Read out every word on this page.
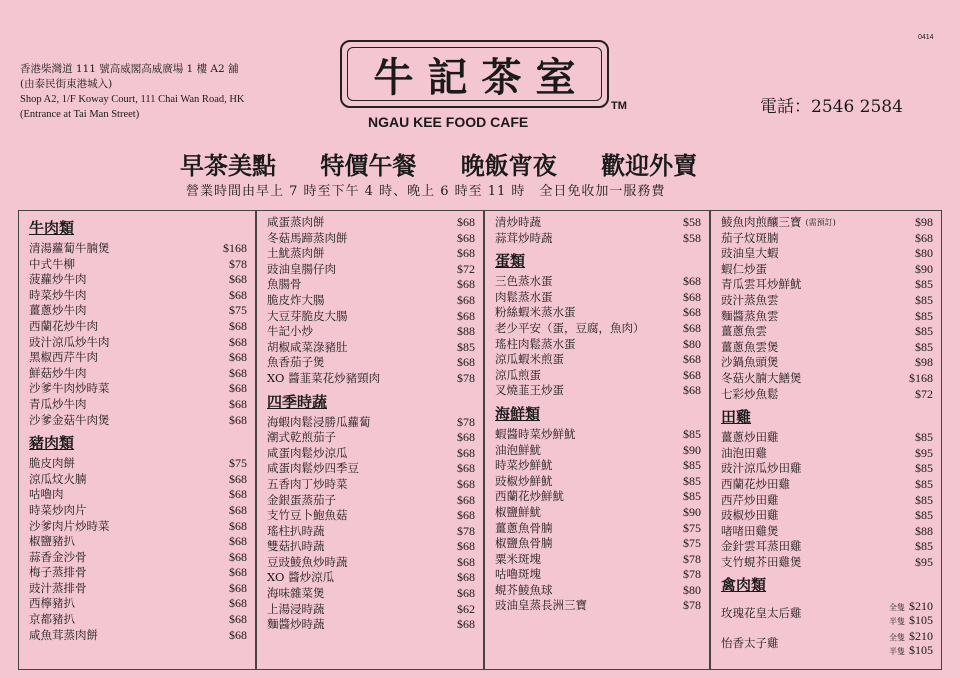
0414
香港柴灣道 111 號高威閣高威廣場 1 樓 A2 舖
(由泰民街東港城入)
Shop A2, 1/F Koway Court, 111 Chai Wan Road, HK
(Entrance at Tai Man Street)
牛記茶室
TM
NGAU KEE FOOD CAFE
電話：2546 2584
早茶美點 特價午餐 晚飯宵夜 歡迎外賣
營業時間由早上 7 時至下午 4 時、晚上 6 時至 11 時　全日免收加一服務費
牛肉類
清湯蘿蔔牛腩煲	$168
中式牛柳	$78
菠蘿炒牛肉	$68
時菜炒牛肉	$68
薑蔥炒牛肉	$75
西蘭花炒牛肉	$68
豉汁涼瓜炒牛肉	$68
黑椒西芹牛肉	$68
鮮菇炒牛肉	$68
沙爹牛肉炒時菜	$68
青瓜炒牛肉	$68
沙爹金菇牛肉煲	$68
豬肉類
脆皮肉餅	$75
涼瓜炆火腩	$68
咕嚕肉	$68
時菜炒肉片	$68
沙爹肉片炒時菜	$68
椒鹽豬扒	$68
蒜香金沙骨	$68
梅子蒸排骨	$68
豉汁蒸排骨	$68
西檸豬扒	$68
京都豬扒	$68
咸魚茸蒸肉餅	$68
咸蛋蒸肉餅	$68
冬菇馬蹄蒸肉餅	$68
土魷蒸肉餅	$68
豉油皇腸仔肉	$72
魚腸骨	$68
脆皮炸大腸	$68
大豆芽脆皮大腸	$68
牛記小炒	$88
胡椒咸菜淥豬肚	$85
魚香茄子煲	$68
XO 醬韮菜花炒豬頸肉	$78
四季時蔬
海蝦肉鬆浸勝瓜蘿蔔	$78
潮式乾煎茄子	$68
咸蛋肉鬆炒涼瓜	$68
咸蛋肉鬆炒四季豆	$68
五香肉丁炒時菜	$68
金銀蛋蒸茄子	$68
支竹豆卜鮑魚菇	$68
瑤柱扒時蔬	$78
雙菇扒時蔬	$68
豆豉鯪魚炒時蔬	$68
XO 醬炒涼瓜	$68
海味雜菜煲	$68
上湯浸時蔬	$62
麵醬炒時蔬	$68
清炒時蔬	$58
蒜茸炒時蔬	$58
蛋類
三色蒸水蛋	$68
肉鬆蒸水蛋	$68
粉絲蝦米蒸水蛋	$68
老少平安（蛋，豆腐，魚肉）	$68
瑤柱肉鬆蒸水蛋	$80
涼瓜蝦米煎蛋	$68
涼瓜煎蛋	$68
叉燒韮王炒蛋	$68
海鮮類
蝦醬時菜炒鮮魷	$85
油泡鮮魷	$90
時菜炒鮮魷	$85
豉椒炒鮮魷	$85
西蘭花炒鮮魷	$85
椒鹽鮮魷	$90
薑蔥魚骨腩	$75
椒鹽魚骨腩	$75
粟米斑塊	$78
咕嚕斑塊	$78
蜆芥鯪魚球	$80
豉油皇蒸長洲三寶	$78
鯪魚肉煎釀三寶 (需預訂)	$98
茄子炆斑腩	$68
豉油皇大蝦	$80
蝦仁炒蛋	$90
青瓜雲耳炒鮮魷	$85
豉汁蒸魚雲	$85
麵醬蒸魚雲	$85
薑蔥魚雲	$85
薑蔥魚雲煲	$85
沙鍋魚頭煲	$98
冬菇火腩大鱔煲	$168
七彩炒魚鬆	$72
田雞
薑蔥炒田雞	$85
油泡田雞	$95
豉汁涼瓜炒田雞	$85
西蘭花炒田雞	$85
西芹炒田雞	$85
豉椒炒田雞	$85
啫啫田雞煲	$88
金針雲耳蒸田雞	$85
支竹蜆芥田雞煲	$95
禽肉類
玫瑰花皇太后雞	全隻 $210
半隻 $105
怡香太子雞	全隻 $210
半隻 $105
